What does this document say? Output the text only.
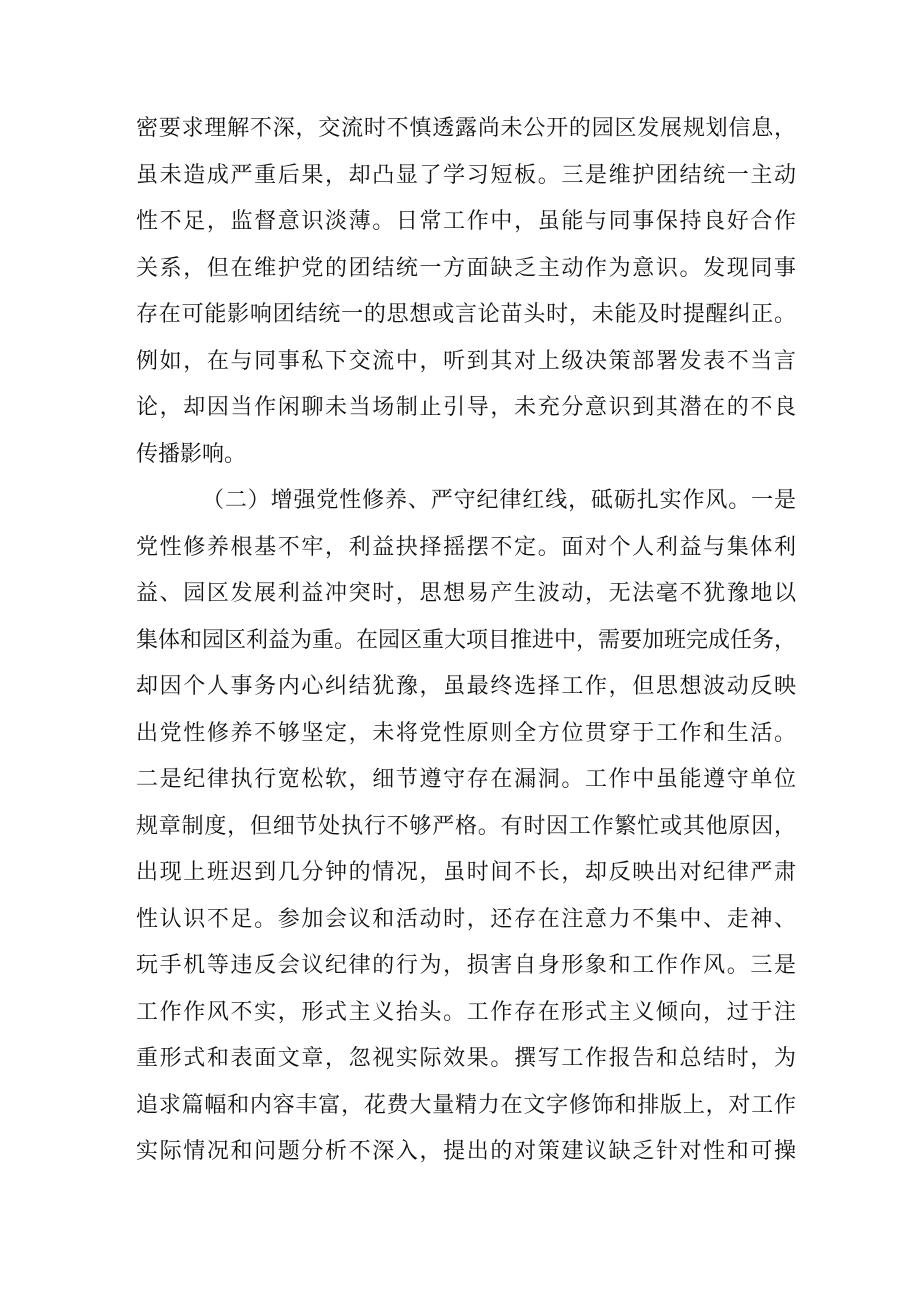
密要求理解不深，交流时不慎透露尚未公开的园区发展规划信息，
虽未造成严重后果，却凸显了学习短板。三是维护团结统一主动
性不足，监督意识淡薄。日常工作中，虽能与同事保持良好合作
关系，但在维护党的团结统一方面缺乏主动作为意识。发现同事
存在可能影响团结统一的思想或言论苗头时，未能及时提醒纠正。
例如，在与同事私下交流中，听到其对上级决策部署发表不当言
论，却因当作闲聊未当场制止引导，未充分意识到其潜在的不良
传播影响。
（二）增强党性修养、严守纪律红线，砥砺扎实作风。一是
党性修养根基不牢，利益抉择摇摆不定。面对个人利益与集体利
益、园区发展利益冲突时，思想易产生波动，无法毫不犹豫地以
集体和园区利益为重。在园区重大项目推进中，需要加班完成任务，
却因个人事务内心纠结犹豫，虽最终选择工作，但思想波动反映
出党性修养不够坚定，未将党性原则全方位贯穿于工作和生活。
二是纪律执行宽松软，细节遵守存在漏洞。工作中虽能遵守单位
规章制度，但细节处执行不够严格。有时因工作繁忙或其他原因，
出现上班迟到几分钟的情况，虽时间不长，却反映出对纪律严肃
性认识不足。参加会议和活动时，还存在注意力不集中、走神、
玩手机等违反会议纪律的行为，损害自身形象和工作作风。三是
工作作风不实，形式主义抬头。工作存在形式主义倾向，过于注
重形式和表面文章，忽视实际效果。撰写工作报告和总结时，为
追求篇幅和内容丰富，花费大量精力在文字修饰和排版上，对工作
实际情况和问题分析不深入，提出的对策建议缺乏针对性和可操
